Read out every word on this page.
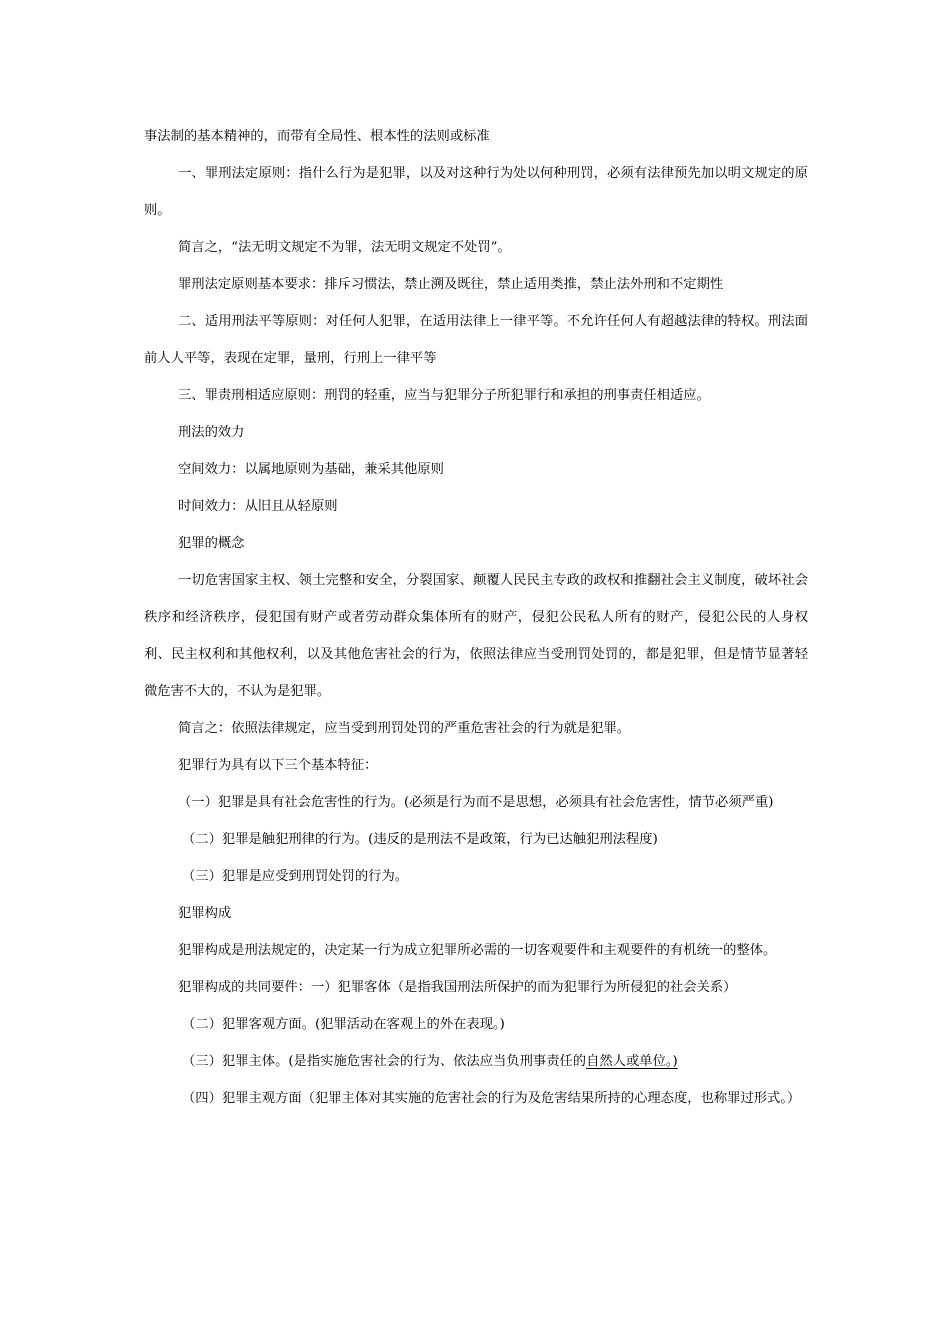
事法制的基本精神的，而带有全局性、根本性的法则或标准

一、罪刑法定原则：指什么行为是犯罪，以及对这种行为处以何种刑罚，必须有法律预先加以明文规定的原则。

简言之，“法无明文规定不为罪，法无明文规定不处罚”。

罪刑法定原则基本要求：排斥习惯法，禁止溯及既往，禁止适用类推，禁止法外刑和不定期性

二、适用刑法平等原则：对任何人犯罪，在适用法律上一律平等。不允许任何人有超越法律的特权。刑法面前人人平等，表现在定罪，量刑，行刑上一律平等

三、罪责刑相适应原则：刑罚的轻重，应当与犯罪分子所犯罪行和承担的刑事责任相适应。

刑法的效力

空间效力：以属地原则为基础，兼采其他原则

时间效力：从旧且从轻原则

犯罪的概念

一切危害国家主权、领土完整和安全，分裂国家、颠覆人民民主专政的政权和推翻社会主义制度，破坏社会秩序和经济秩序，侵犯国有财产或者劳动群众集体所有的财产，侵犯公民私人所有的财产，侵犯公民的人身权利、民主权利和其他权利，以及其他危害社会的行为，依照法律应当受刑罚处罚的，都是犯罪，但是情节显著轻微危害不大的，不认为是犯罪。

简言之：依照法律规定，应当受到刑罚处罚的严重危害社会的行为就是犯罪。

犯罪行为具有以下三个基本特征：

（一）犯罪是具有社会危害性的行为。(必须是行为而不是思想，必须具有社会危害性，情节必须严重)

（二）犯罪是触犯刑律的行为。(违反的是刑法不是政策，行为已达触犯刑法程度)

（三）犯罪是应受到刑罚处罚的行为。

犯罪构成

犯罪构成是刑法规定的，决定某一行为成立犯罪所必需的一切客观要件和主观要件的有机统一的整体。

犯罪构成的共同要件：一）犯罪客体（是指我国刑法所保护的而为犯罪行为所侵犯的社会关系）

（二）犯罪客观方面。(犯罪活动在客观上的外在表现。)

（三）犯罪主体。(是指实施危害社会的行为、依法应当负刑事责任的自然人或单位。)

（四）犯罪主观方面（犯罪主体对其实施的危害社会的行为及危害结果所持的心理态度，也称罪过形式。）
